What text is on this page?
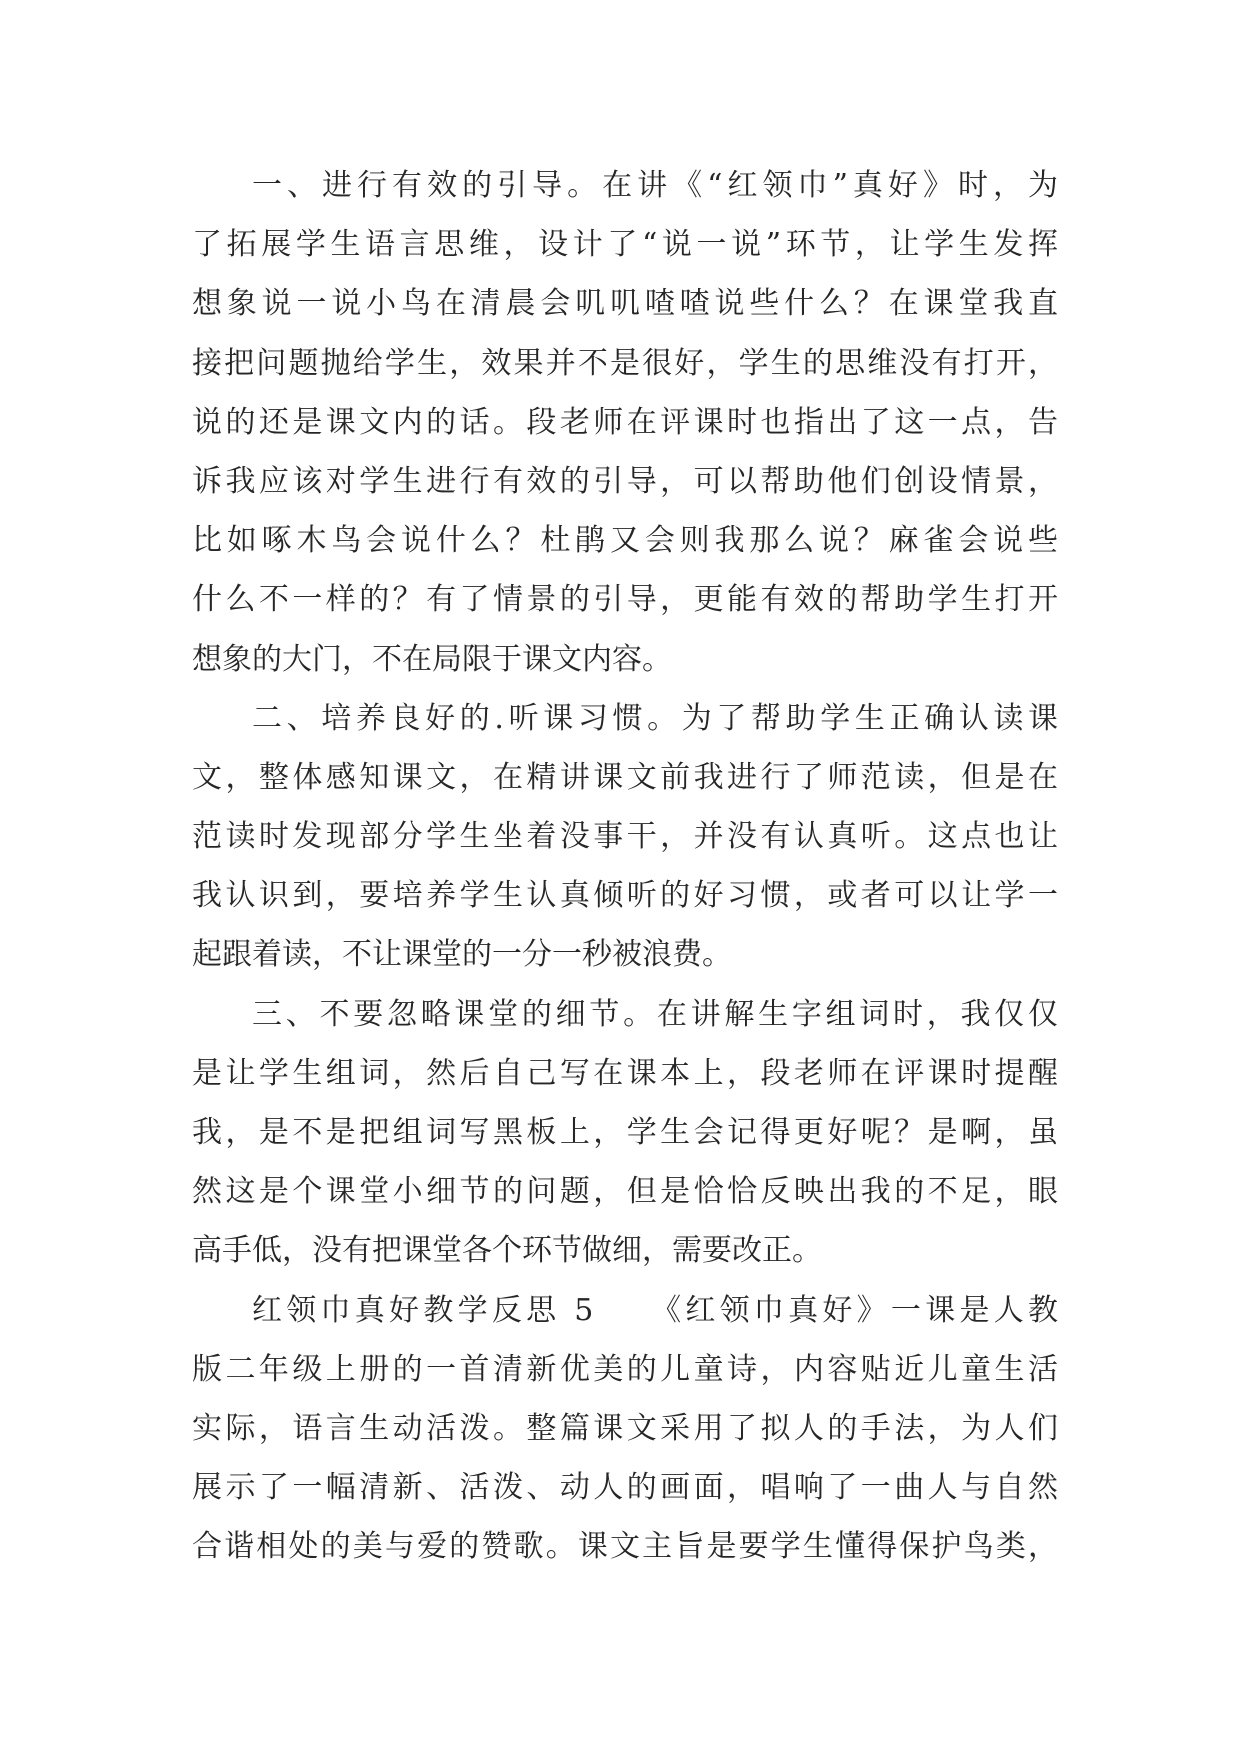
一、进行有效的引导。在讲《“红领巾”真好》时，为
了拓展学生语言思维，设计了“说一说”环节，让学生发挥
想象说一说小鸟在清晨会叽叽喳喳说些什么？在课堂我直
接把问题抛给学生，效果并不是很好，学生的思维没有打开，
说的还是课文内的话。段老师在评课时也指出了这一点，告
诉我应该对学生进行有效的引导，可以帮助他们创设情景，
比如啄木鸟会说什么？杜鹃又会则我那么说？麻雀会说些
什么不一样的？有了情景的引导，更能有效的帮助学生打开
想象的大门，不在局限于课文内容。
二、培养良好的.听课习惯。为了帮助学生正确认读课
文，整体感知课文，在精讲课文前我进行了师范读，但是在
范读时发现部分学生坐着没事干，并没有认真听。这点也让
我认识到，要培养学生认真倾听的好习惯，或者可以让学一
起跟着读，不让课堂的一分一秒被浪费。
三、不要忽略课堂的细节。在讲解生字组词时，我仅仅
是让学生组词，然后自己写在课本上，段老师在评课时提醒
我，是不是把组词写黑板上，学生会记得更好呢？是啊，虽
然这是个课堂小细节的问题，但是恰恰反映出我的不足，眼
高手低，没有把课堂各个环节做细，需要改正。
红领巾真好教学反思 5　　《红领巾真好》一课是人教
版二年级上册的一首清新优美的儿童诗，内容贴近儿童生活
实际，语言生动活泼。整篇课文采用了拟人的手法，为人们
展示了一幅清新、活泼、动人的画面，唱响了一曲人与自然
合谐相处的美与爱的赞歌。课文主旨是要学生懂得保护鸟类，
